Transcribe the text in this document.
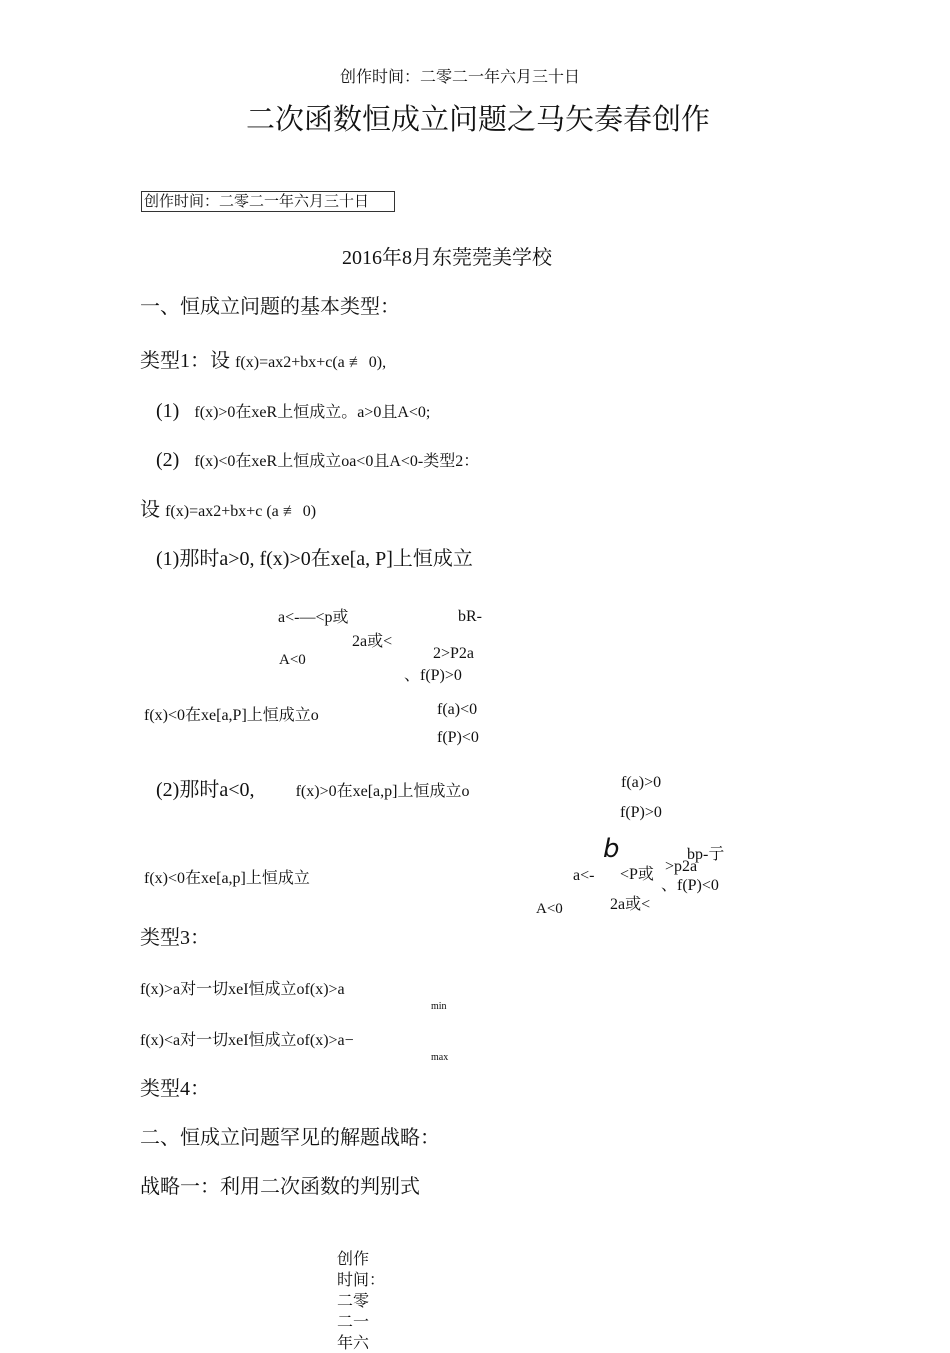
创作时间：二零二一年六月三十日
二次函数恒成立问题之马矢奏春创作
创作时间：二零二一年六月三十日
2016年8月东莞莞美学校
一、恒成立问题的基本类型：
类型1：设 f(x)=ax2+bx+c(a ≢ 0),
(1) f(x)>0在xeR上恒成立。a>0且A<0;
(2) f(x)<0在xeR上恒成立oa<0且A<0-类型2：
设 f(x)=ax2+bx+c (a ≢ 0)
(1)那时a>0, f(x)>0在xe[a, P]上恒成立
a<-—<p或
2a或<
A<0
bR-
2>P2a
、f(P)>0
f(x)<0在xe[a,P]上恒成立o	f(a)<0
f(P)<0
(2)那时a<0,	f(x)>0在xe[a,p]上恒成立o
f(a)>0
f(P)>0
b	bp-亍
>p2a
a<- <P或
、f(P)<0
A<0	2a或<
f(x)<0在xe[a,p]上恒成立
类型3：
f(x)>a对一切xeI恒成立of(x)>a
min
f(x)<a对一切xeI恒成立of(x)>a−
max
类型4：
二、恒成立问题罕见的解题战略：
战略一：利用二次函数的判别式
创作
时间：
二零
二一
年六
